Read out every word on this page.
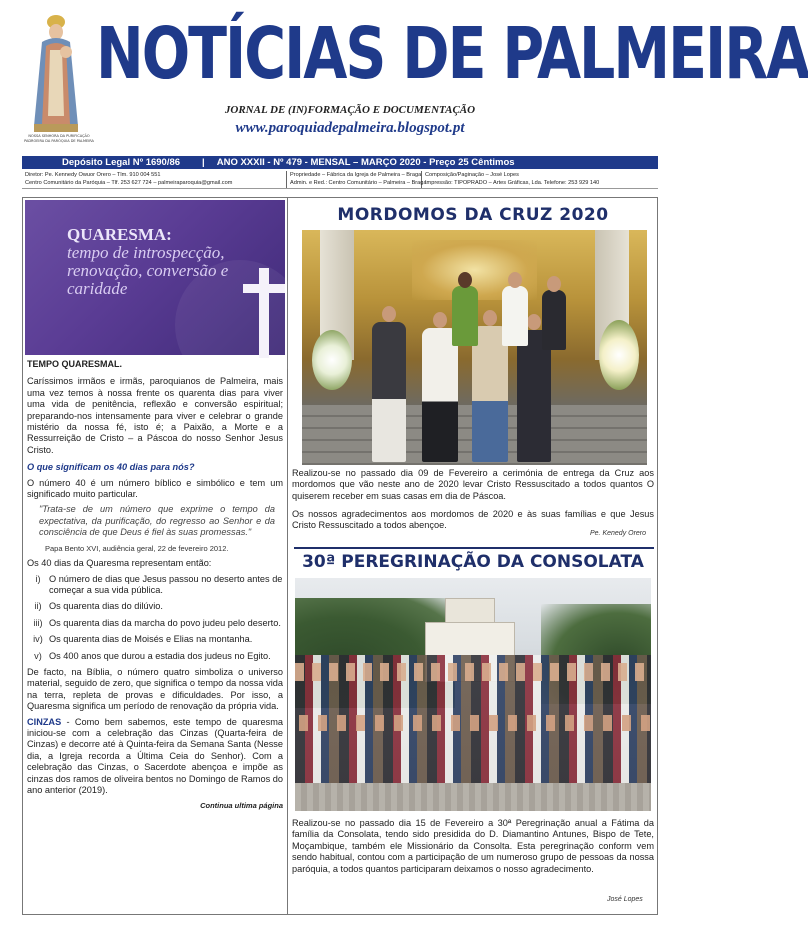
NOSSA SENHORA DA PURIFICAÇÃO PADROEIRA DA PARÓQUIA DE PALMEIRA
NOTÍCIAS DE PALMEIRA
JORNAL DE (IN)FORMAÇÃO E DOCUMENTAÇÃO
www.paroquiadepalmeira.blogspot.pt
Depósito Legal Nº 1690/86 | ANO XXXII - Nº 479 - MENSAL – MARÇO 2020 - Preço 25 Cêntimos
Diretor: Pe. Kennedy Owuor Orero – Tlm. 910 004 551
Centro Comunitário da Paróquia – Tlf. 253 627 724 – palmeiraparoquia@gmail.com
Propriedade – Fábrica da Igreja de Palmeira – Braga
Admin. e Red.: Centro Comunitário – Palmeira – Braga
Composição/Paginação – José Lopes
Impressão: TIPOPRADO – Artes Gráficas, Lda. Telefone: 253 929 140
QUARESMA:
tempo de introspecção, renovação, conversão e caridade
TEMPO QUARESMAL.

Caríssimos irmãos e irmãs, paroquianos de Palmeira, mais uma vez temos à nossa frente os quarenta dias para viver uma vida de penitência, reflexão e conversão espiritual; preparando-nos intensamente para viver e celebrar o grande mistério da nossa fé, isto é; a Paixão, a Morte e a Ressurreição de Cristo – a Páscoa do nosso Senhor Jesus Cristo.

O que significam os 40 dias para nós?

O número 40 é um número bíblico e simbólico e tem um significado muito particular.

"Trata-se de um número que exprime o tempo da expectativa, da purificação, do regresso ao Senhor e da consciência de que Deus é fiel às suas promessas."

Papa Bento XVI, audiência geral, 22 de fevereiro 2012.

Os 40 dias da Quaresma representam então:

i) O número de dias que Jesus passou no deserto antes de começar a sua vida pública.
ii) Os quarenta dias do dilúvio.
iii) Os quarenta dias da marcha do povo judeu pelo deserto.
iv) Os quarenta dias de Moisés e Elias na montanha.
v) Os 400 anos que durou a estadia dos judeus no Egito.

De facto, na Bíblia, o número quatro simboliza o universo material, seguido de zero, que significa o tempo da nossa vida na terra, repleta de provas e dificuldades. Por isso, a Quaresma significa um período de renovação da própria vida.

CINZAS - Como bem sabemos, este tempo de quaresma iniciou-se com a celebração das Cinzas (Quarta-feira de Cinzas) e decorre até à Quinta-feira da Semana Santa (Nesse dia, a Igreja recorda a Última Ceia do Senhor). Com a celebração das Cinzas, o Sacerdote abençoa e impõe as cinzas dos ramos de oliveira bentos no Domingo de Ramos do ano anterior (2019).

Continua ultima página
MORDOMOS DA CRUZ 2020
Realizou-se no passado dia 09 de Fevereiro a cerimónia de entrega da Cruz aos mordomos que vão neste ano de 2020 levar Cristo Ressuscitado a todos quantos O quiserem receber em suas casas em dia de Páscoa.
Os nossos agradecimentos aos mordomos de 2020 e às suas famílias e que Jesus Cristo Ressuscitado a todos abençoe.
Pe. Kenedy Orero
30ª PEREGRINAÇÃO DA CONSOLATA
Realizou-se no passado dia 15 de Fevereiro a 30ª Peregrinação anual a Fátima da família da Consolata, tendo sido presidida do D. Diamantino Antunes, Bispo de Tete, Moçambique, também ele Missionário da Consolta. Esta peregrinação conform vem sendo habitual, contou com a participação de um numeroso grupo de pessoas da nossa paróquia, a todos quantos participaram deixamos o nosso agradecimento.
José Lopes
